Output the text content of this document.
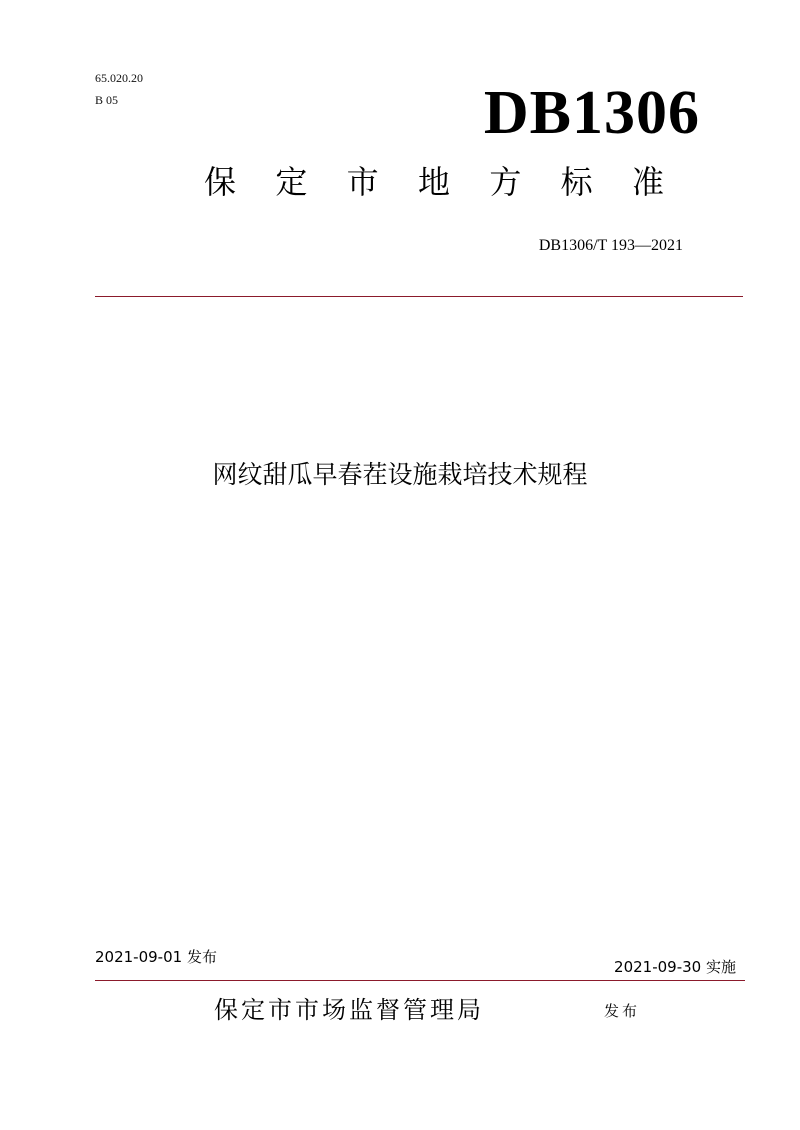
65.020.20
B 05	DB1306
保 定 市 地 方 标 准
DB1306/T 193—2021
网纹甜瓜早春茬设施栽培技术规程
2021-09-01 发布
2021-09-30 实施
保定市市场监督管理局	发布
